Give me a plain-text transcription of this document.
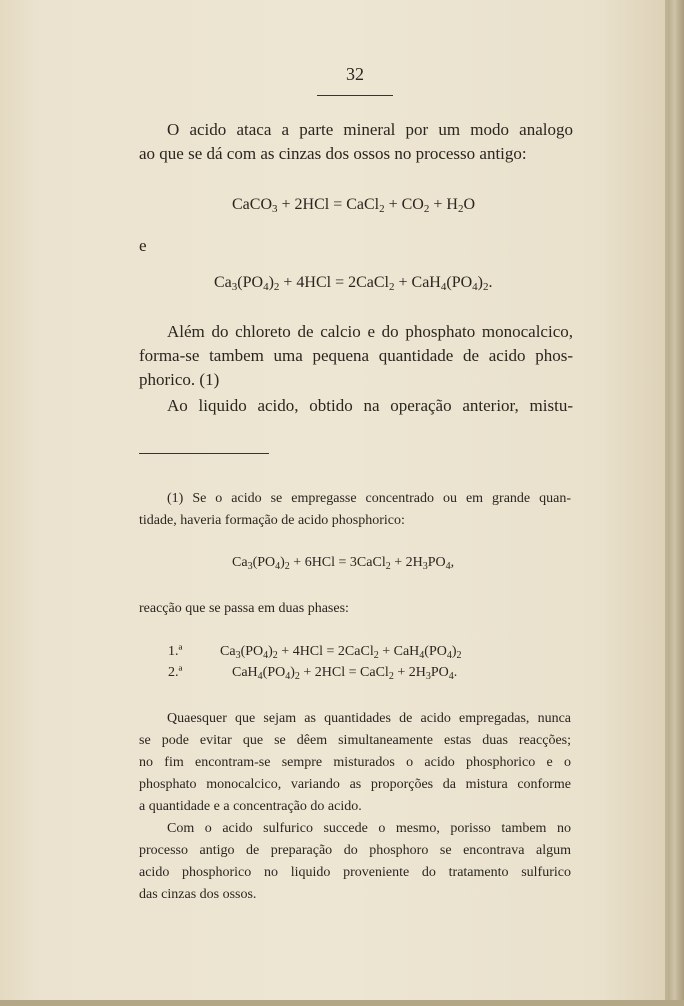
32
O acido ataca a parte mineral por um modo analogo
ao que se dá com as cinzas dos ossos no processo antigo:
CaCO$_3$ + 2HCl = CaCl$_2$ + $CO_2 + H_2O$
e
$Ca_3(PO_4)_2 + 4HCl$ = 2CaCl$_2$ + $CaH_4(PO_4)_2$.
Além do chloreto de calcio e do phosphato monocalcico,
forma-se tambem uma pequena quantidade de acido phos-
phorico. (1)
Ao liquido acido, obtido na operação anterior, mistu-
(1) Se o acido se empregasse concentrado ou em grande quan-
tidade, haveria formação de acido phosphorico:
$Ca_3(PO_4)_2 + 6HCl$ = 3CaCl$_2$ + $2H_3PO_4$,
reacção que se passa em duas phases:
1.ª	$Ca_3(PO_4)_2 + 4HCl$ = 2CaCl$_2$ + $CaH_4(PO_4)_2$
2.ª	$CaH_4(PO_4)_2 + 2HCl$ = CaCl$_2$ + $2H_3PO_4$.
Quaesquer que sejam as quantidades de acido empregadas, nunca
se pode evitar que se dêem simultaneamente estas duas reacções;
no fim encontram-se sempre misturados o acido phosphorico e o
phosphato monocalcico, variando as proporções da mistura conforme
a quantidade e a concentração do acido.
Com o acido sulfurico succede o mesmo, porisso tambem no
processo antigo de preparação do phosphoro se encontrava algum
acido phosphorico no liquido proveniente do tratamento sulfurico
das cinzas dos ossos.
